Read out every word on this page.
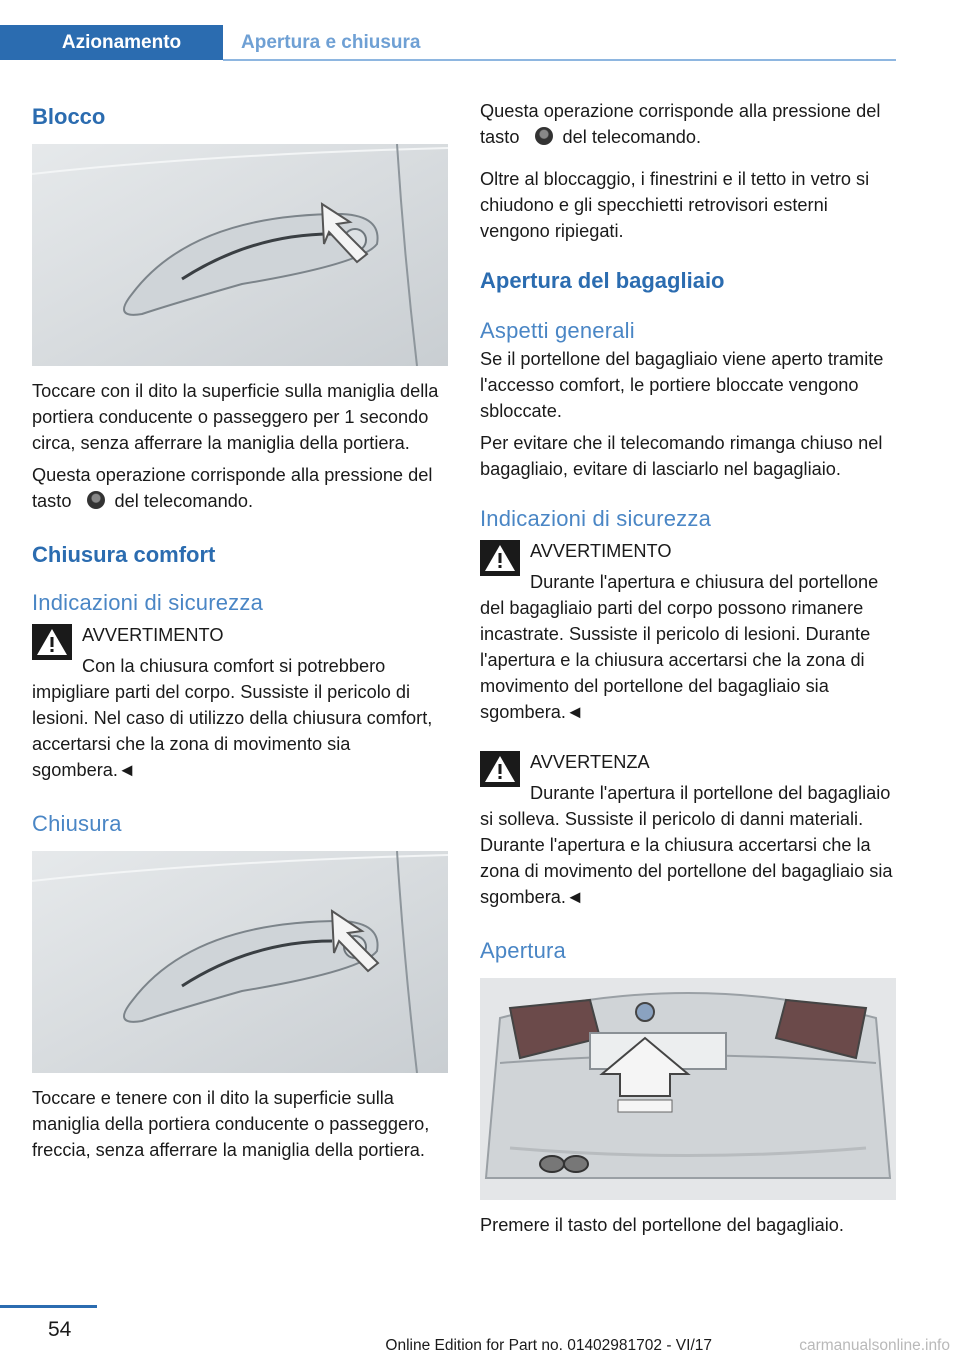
Azionamento	Apertura e chiusura
Blocco

Toccare con il dito la superficie sulla maniglia della portiera conducente o passeggero per 1 secondo circa, senza afferrare la maniglia della portiera.

Questa operazione corrisponde alla pressione del tasto del telecomando.

Chiusura comfort
Indicazioni di sicurezza
AVVERTIMENTO

Con la chiusura comfort si potrebbero impigliare parti del corpo. Sussiste il pericolo di lesioni. Nel caso di utilizzo della chiusura comfort, accertarsi che la zona di movimento sia sgombera.◄

Chiusura

Toccare e tenere con il dito la superficie sulla maniglia della portiera conducente o passeggero, freccia, senza afferrare la maniglia della portiera.

Questa operazione corrisponde alla pressione del tasto del telecomando.

Oltre al bloccaggio, i finestrini e il tetto in vetro si chiudono e gli specchietti retrovisori esterni vengono ripiegati.

Apertura del bagagliaio
Aspetti generali

Se il portellone del bagagliaio viene aperto tramite l'accesso comfort, le portiere bloccate vengono sbloccate.

Per evitare che il telecomando rimanga chiuso nel bagagliaio, evitare di lasciarlo nel bagagliaio.

Indicazioni di sicurezza
AVVERTIMENTO

Durante l'apertura e chiusura del portellone del bagagliaio parti del corpo possono rimanere incastrate. Sussiste il pericolo di lesioni. Durante l'apertura e la chiusura accertarsi che la zona di movimento del portellone del bagagliaio sia sgombera.◄

AVVERTENZA

Durante l'apertura il portellone del bagagliaio si solleva. Sussiste il pericolo di danni materiali. Durante l'apertura e la chiusura accertarsi che la zona di movimento del portellone del bagagliaio sia sgombera.◄

Apertura

Premere il tasto del portellone del bagagliaio.

54
Online Edition for Part no. 01402981702 - VI/17	carmanualsonline.info
